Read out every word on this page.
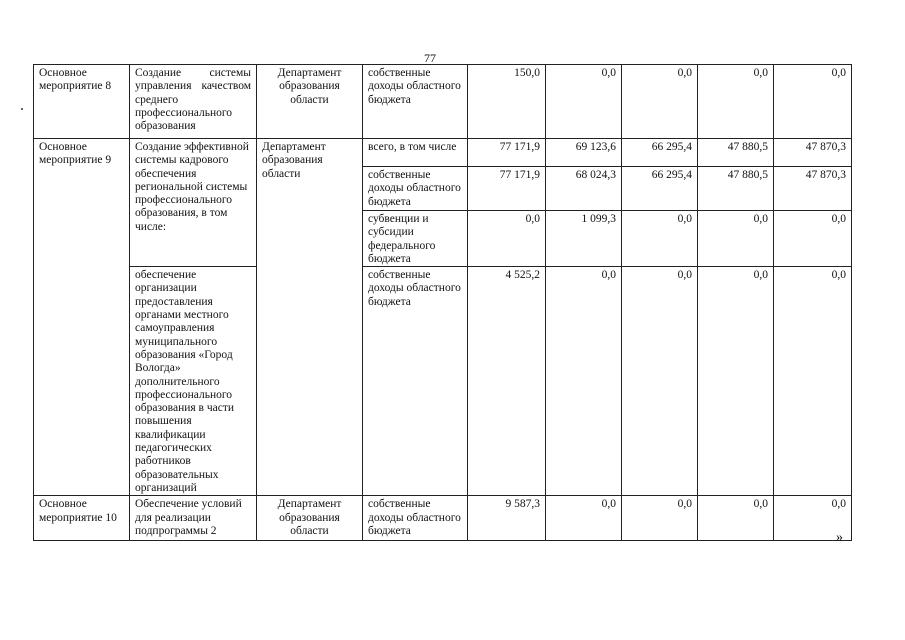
77
Основное мероприятие 8	Создание системы управления качеством среднего профессионального образования	Департамент образования области	собственные доходы областного бюджета	150,0	0,0	0,0	0,0	0,0
Основное мероприятие 9	Создание эффективной системы кадрового обеспечения региональной системы профессионального образования, в том числе:	Департамент образования области	всего, в том числе	77 171,9	69 123,6	66 295,4	47 880,5	47 870,3
			собственные доходы областного бюджета	77 171,9	68 024,3	66 295,4	47 880,5	47 870,3
			субвенции и субсидии федерального бюджета	0,0	1 099,3	0,0	0,0	0,0
	обеспечение организации предоставления органами местного самоуправления муниципального образования «Город Вологда» дополнительного профессионального образования в части повышения квалификации педагогических работников образовательных организаций		собственные доходы областного бюджета	4 525,2	0,0	0,0	0,0	0,0
Основное мероприятие 10	Обеспечение условий для реализации подпрограммы 2	Департамент образования области	собственные доходы областного бюджета	9 587,3	0,0	0,0	0,0	0,0
»
